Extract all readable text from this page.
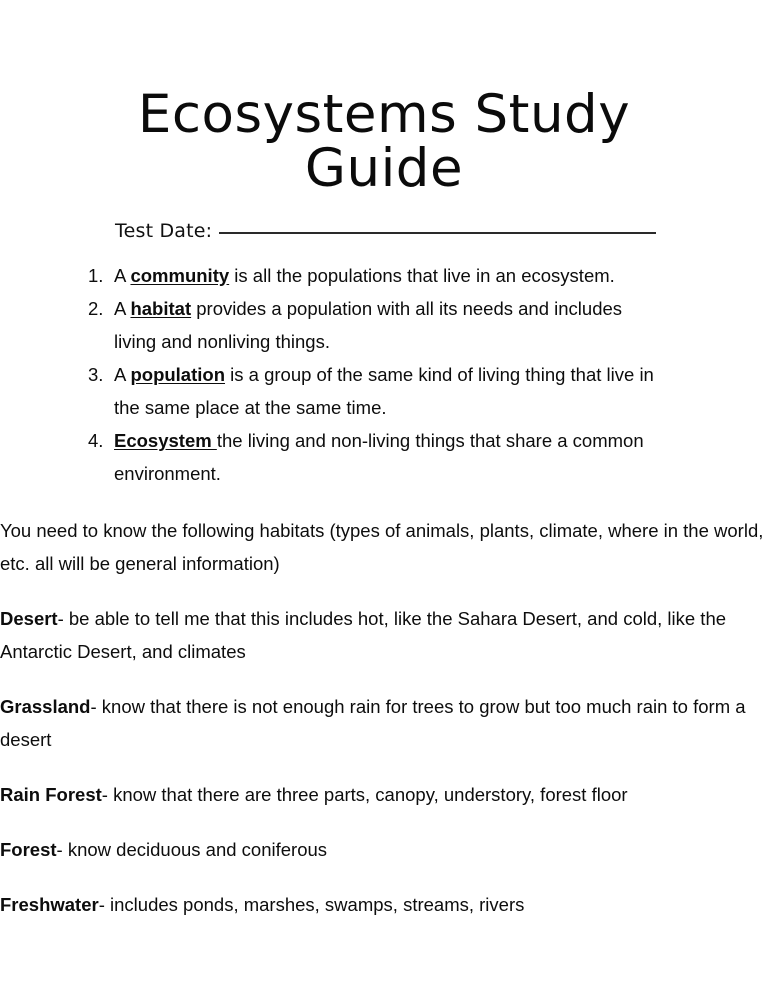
Ecosystems Study Guide
Test Date:
1. A community is all the populations that live in an ecosystem.
2. A habitat provides a population with all its needs and includes living and nonliving things.
3. A population is a group of the same kind of living thing that live in the same place at the same time.
4. Ecosystem the living and non-living things that share a common environment.

You need to know the following habitats (types of animals, plants, climate, where in the world, etc. all will be general information)

Desert- be able to tell me that this includes hot, like the Sahara Desert, and cold, like the Antarctic Desert, and climates

Grassland- know that there is not enough rain for trees to grow but too much rain to form a desert

Rain Forest- know that there are three parts, canopy, understory, forest floor

Forest- know deciduous and coniferous

Freshwater- includes ponds, marshes, swamps, streams, rivers
